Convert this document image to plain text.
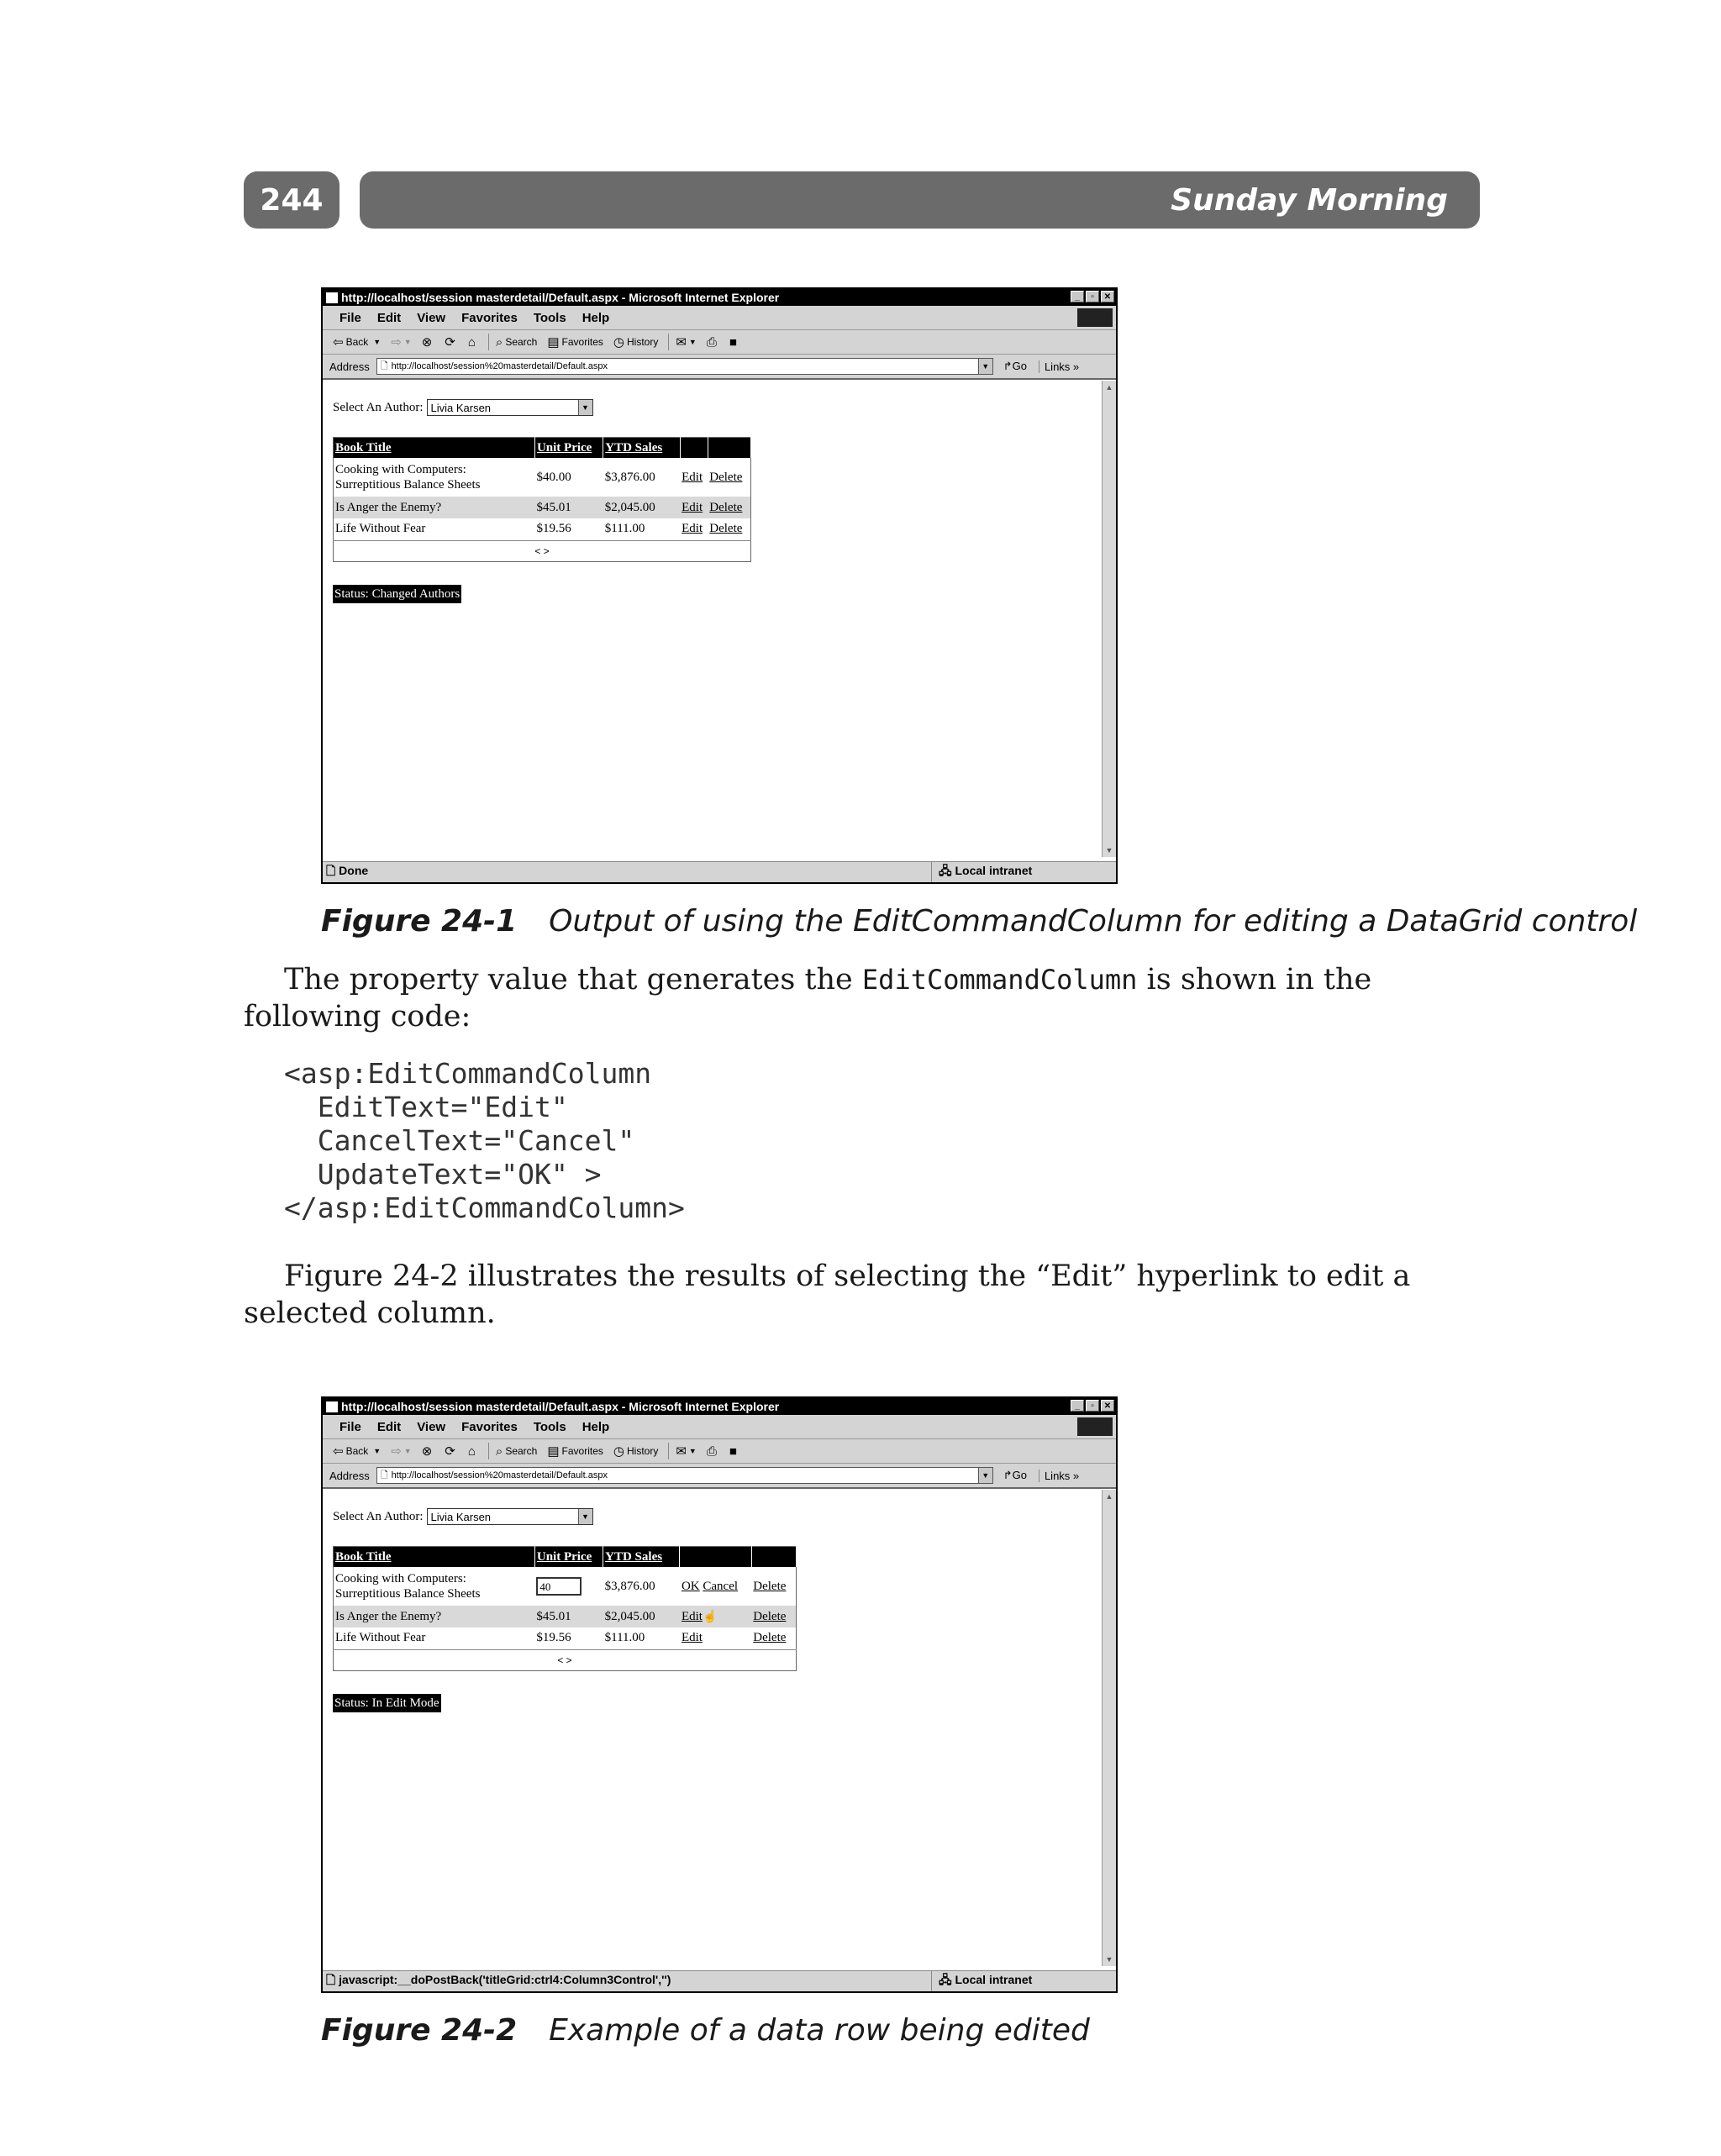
244	Sunday Morning
http://localhost/session masterdetail/Default.aspx - Microsoft Internet Explorer	_	▫	✕
File Edit View Favorites Tools Help
⇦ Back ▼ ⇨ ▼ ⊗ ⟳ ⌂ ⌕ Search ▤ Favorites ◷ History ✉ ▼ ⎙ ■
Address 🗋 http://localhost/session%20masterdetail/Default.aspx	▼ ↱Go	Links »
Select An Author: Livia Karsen	▼
Book Title	Unit Price	YTD Sales		
Cooking with Computers: Surreptitious Balance Sheets	$40.00	$3,876.00	Edit	Delete
Is Anger the Enemy?	$45.01	$2,045.00	Edit	Delete
Life Without Fear	$19.56	$111.00	Edit	Delete
< >				
Status: Changed Authors
▲
▼
🗋 Done	🖧 Local intranet
Figure 24-1 Output of using the EditCommandColumn for editing a DataGrid control
The property value that generates the EditCommandColumn is shown in the following code:
<asp:EditCommandColumn
EditText="Edit"
CancelText="Cancel"
UpdateText="OK" >
</asp:EditCommandColumn>
Figure 24-2 illustrates the results of selecting the “Edit” hyperlink to edit a selected column.
http://localhost/session masterdetail/Default.aspx - Microsoft Internet Explorer	_	▫	✕
File Edit View Favorites Tools Help
⇦ Back ▼ ⇨ ▼ ⊗ ⟳ ⌂ ⌕ Search ▤ Favorites ◷ History ✉ ▼ ⎙ ■
Address 🗋 http://localhost/session%20masterdetail/Default.aspx	▼ ↱Go	Links »
Select An Author: Livia Karsen	▼
Book Title	Unit Price	YTD Sales		
Cooking with Computers: Surreptitious Balance Sheets	40	$3,876.00	OK Cancel	Delete
Is Anger the Enemy?	$45.01	$2,045.00	Edit☝	Delete
Life Without Fear	$19.56	$111.00	Edit	Delete
< >				
Status: In Edit Mode
▲
▼
🗋 javascript:__doPostBack('titleGrid:ctrl4:Column3Control','')	🖧 Local intranet
Figure 24-2 Example of a data row being edited
